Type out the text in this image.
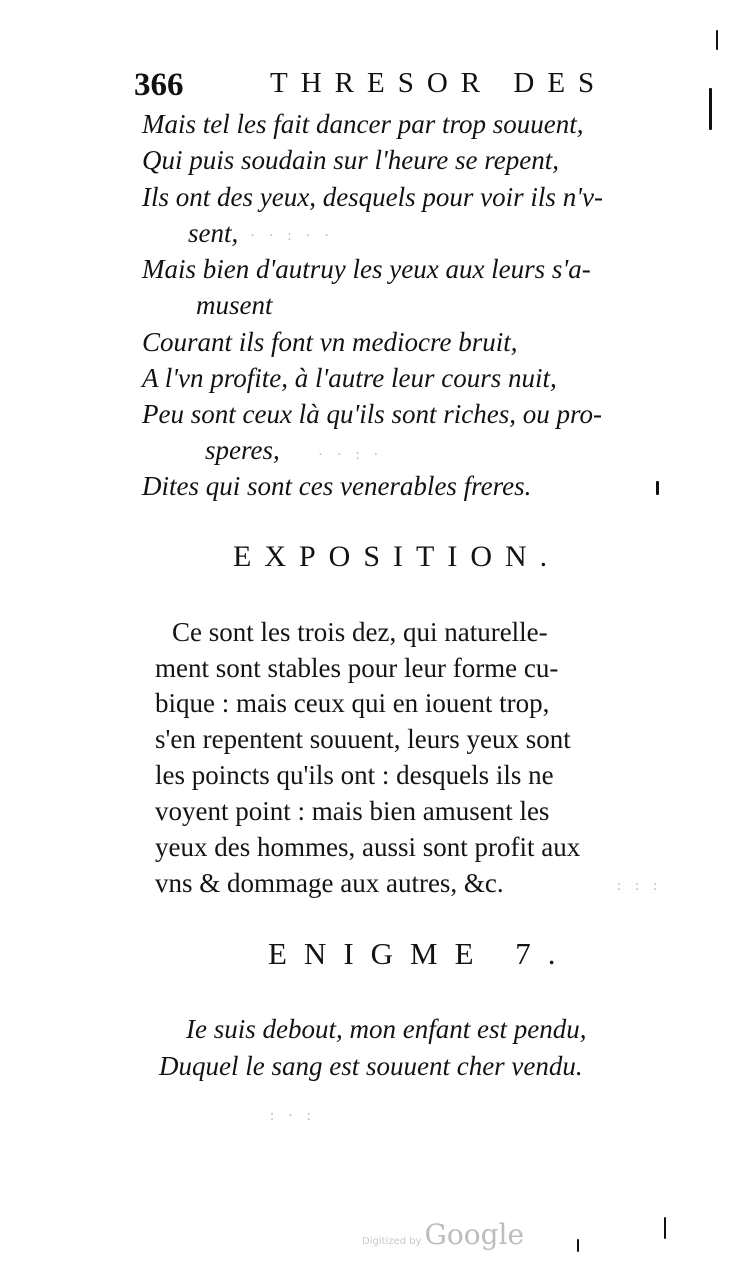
366	THRESOR DES
Mais tel les fait dancer par trop souuent,
Qui puis soudain sur l'heure se repent,
Ils ont des yeux, desquels pour voir ils n'v-
sent,
Mais bien d'autruy les yeux aux leurs s'a-
musent
Courant ils font vn mediocre bruit,
A l'vn profite, à l'autre leur cours nuit,
Peu sont ceux là qu'ils sont riches, ou pro-
speres,
Dites qui sont ces venerables freres.
EXPOSITION.
Ce sont les trois dez, qui naturelle-
ment sont stables pour leur forme cu-
bique : mais ceux qui en iouent trop,
s'en repentent souuent, leurs yeux sont
les poincts qu'ils ont : desquels ils ne
voyent point : mais bien amusent les
yeux des hommes, aussi sont profit aux
vns & dommage aux autres, &c.
ENIGME 7.
Ie suis debout, mon enfant est pendu,
Duquel le sang est souuent cher vendu.
· · : · ·
· · : ·
: : :
: · :
Digitized by Google
